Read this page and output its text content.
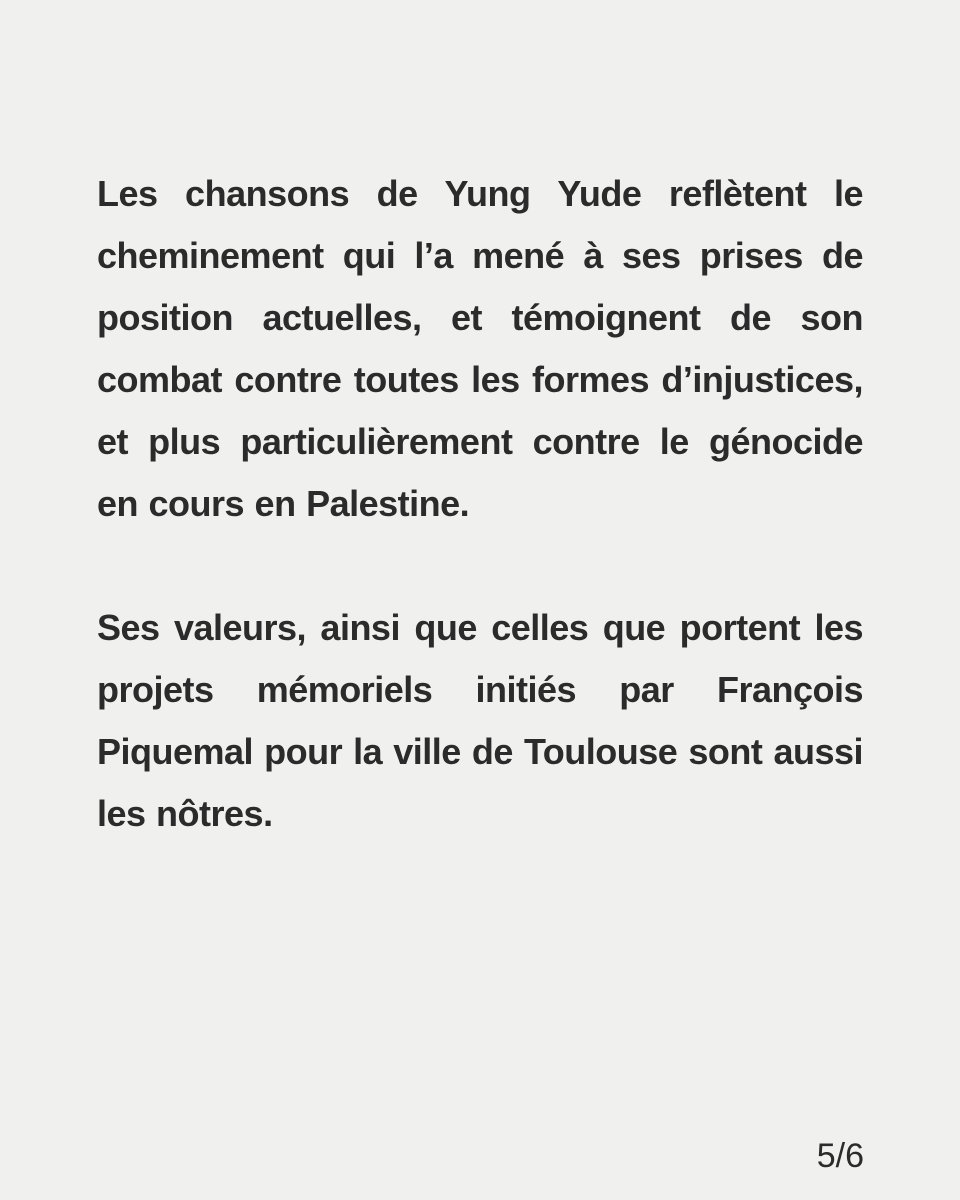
Les chansons de Yung Yude reflètent le cheminement qui l’a mené à ses prises de position actuelles, et témoignent de son combat contre toutes les formes d’injustices, et plus particulièrement contre le génocide en cours en Palestine.

Ses valeurs, ainsi que celles que portent les projets mémoriels initiés par François Piquemal pour la ville de Toulouse sont aussi les nôtres.

5/6
